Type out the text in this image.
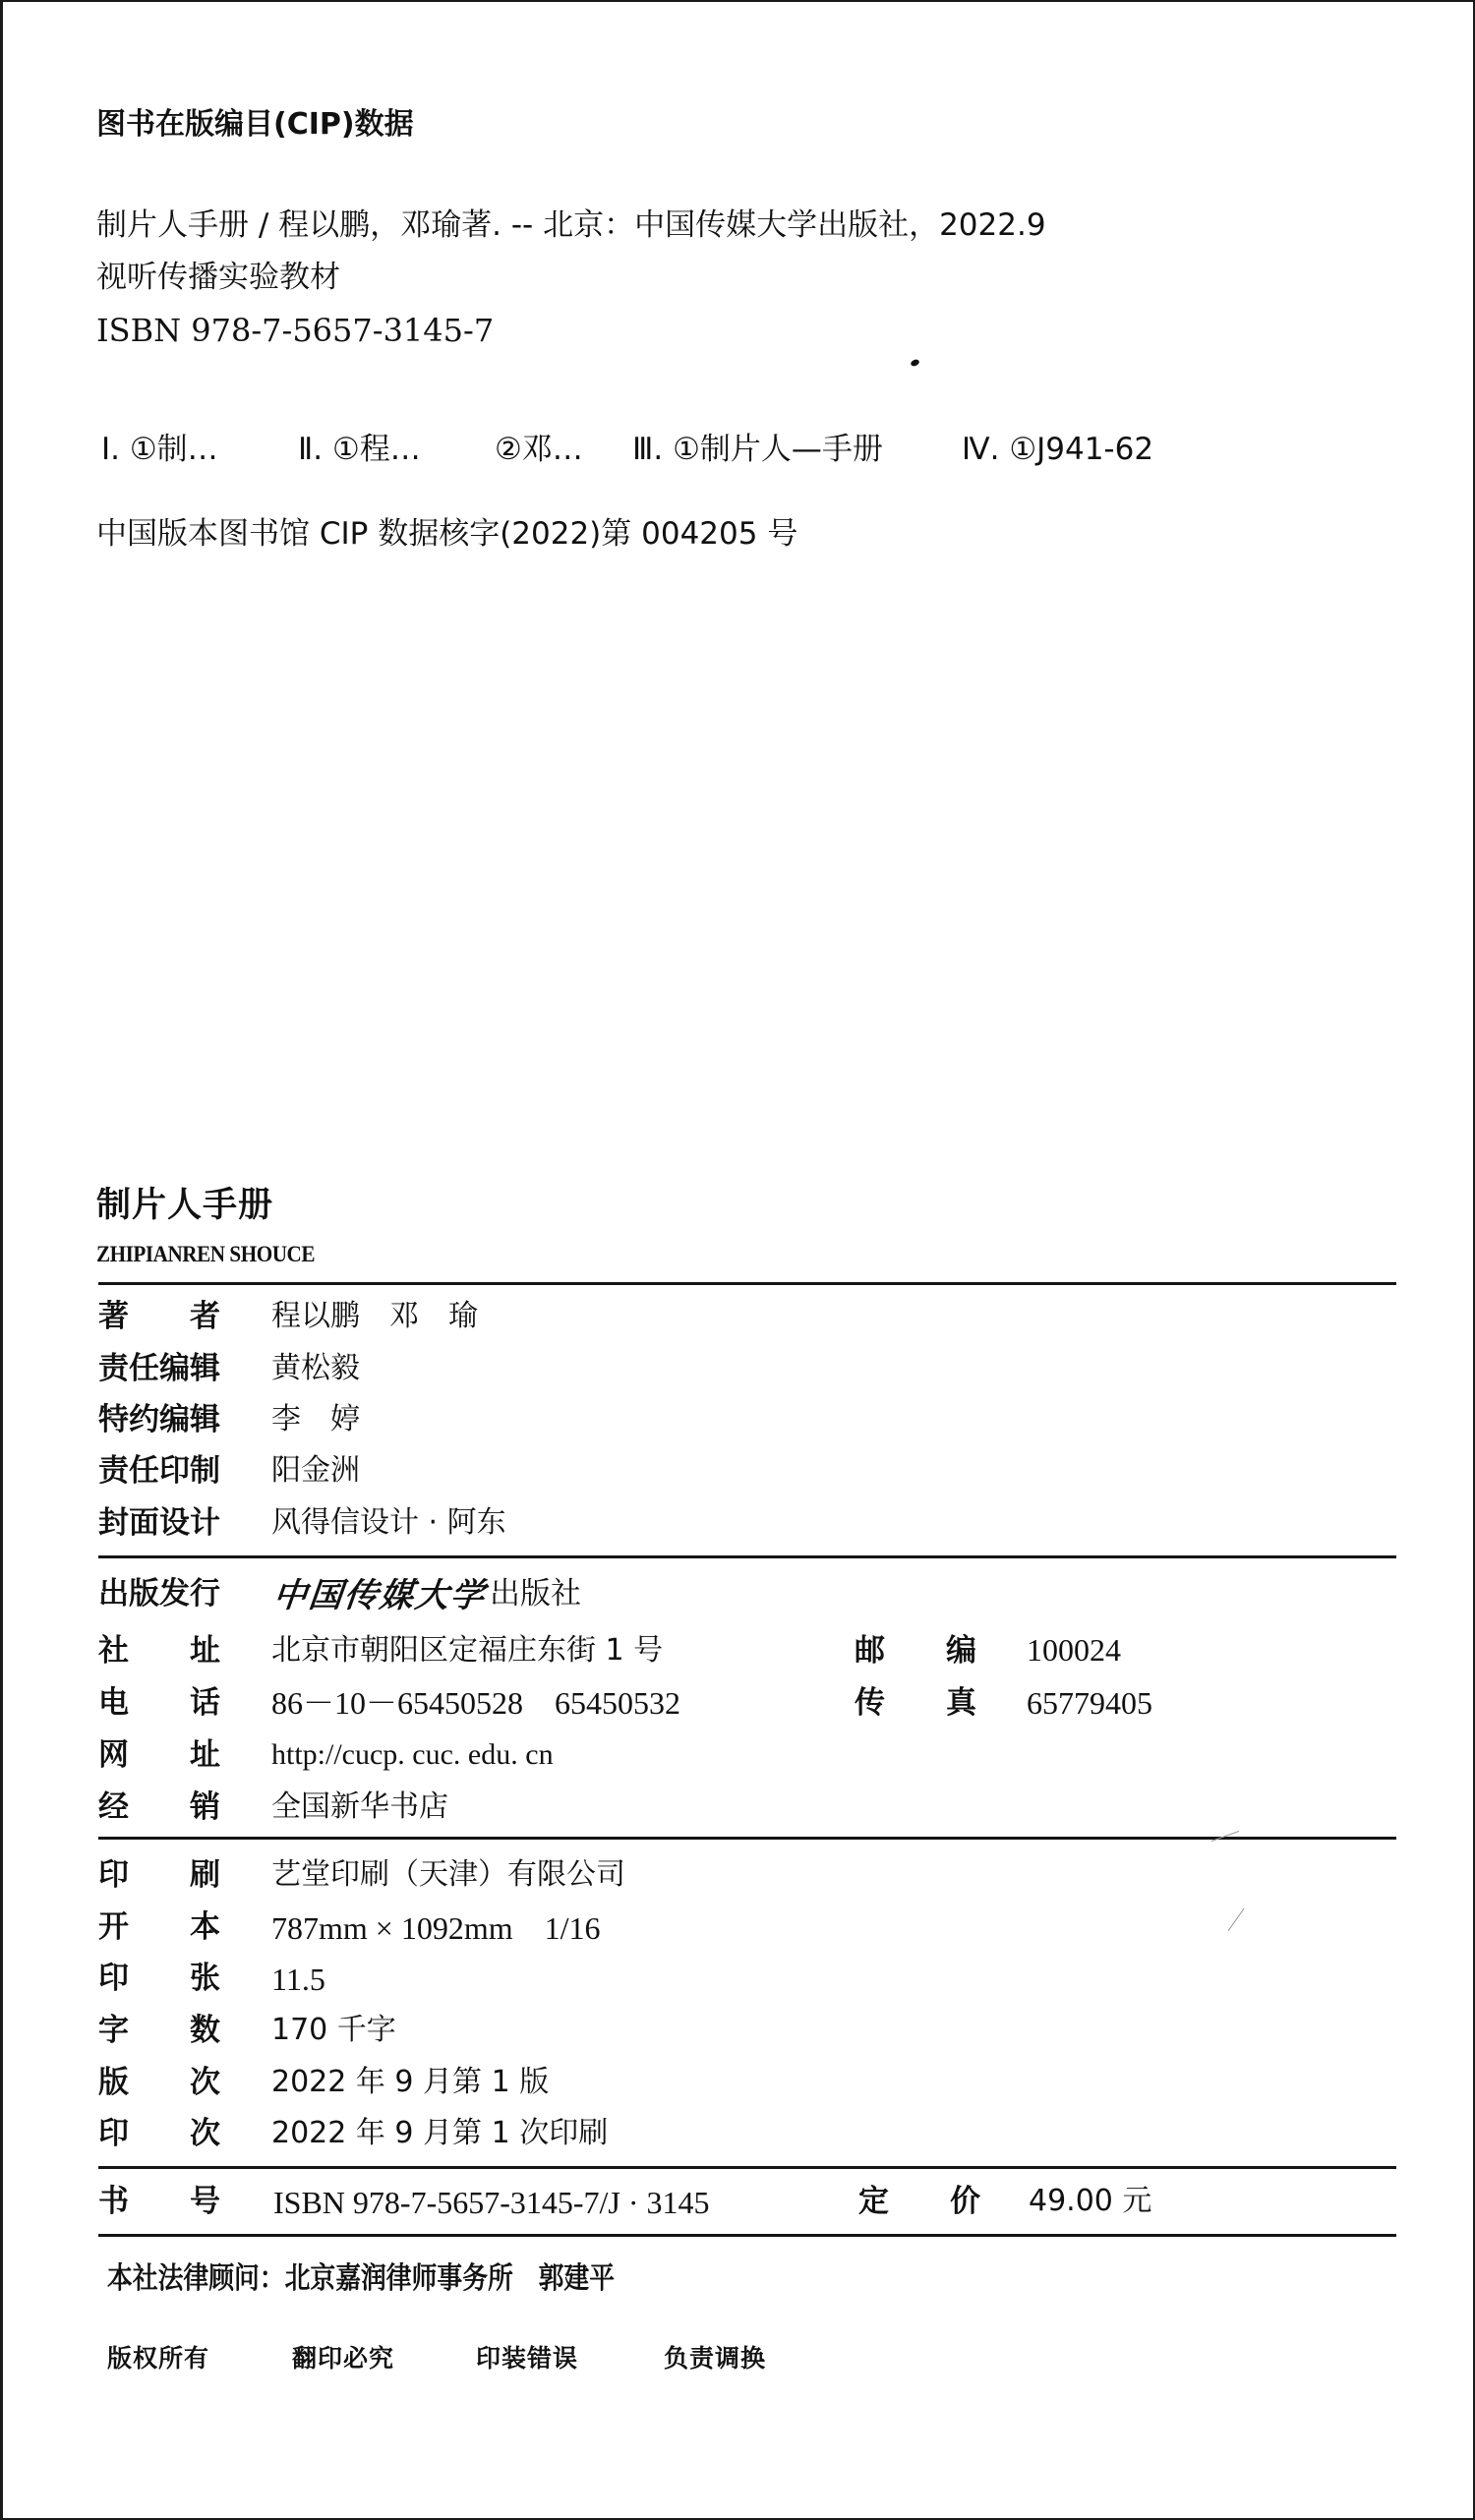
图书在版编目(CIP)数据
制片人手册 / 程以鹏，邓瑜著. -- 北京：中国传媒大学出版社，2022.9
视听传播实验教材
ISBN 978-7-5657-3145-7
Ⅰ. ①制…	Ⅱ. ①程… ②邓… Ⅲ. ①制片人—手册	Ⅳ. ①J941-62
中国版本图书馆 CIP 数据核字(2022)第 004205 号
制片人手册
ZHIPIANREN SHOUCE
著　　者 程以鹏　邓　瑜
责任编辑 黄松毅
特约编辑 李　婷
责任印制 阳金洲
封面设计 风得信设计 · 阿东
出版发行 中国传媒大学 出版社
社　　址 北京市朝阳区定福庄东街 1 号	邮　　编 100024
电　　话 86－10－65450528　65450532	传　　真 65779405
网　　址 http://cucp. cuc. edu. cn
经　　销 全国新华书店
印　　刷 艺堂印刷（天津）有限公司
开　　本 787mm × 1092mm　1/16
印　　张 11.5
字　　数 170 千字
版　　次 2022 年 9 月第 1 版
印　　次 2022 年 9 月第 1 次印刷
书　　号 ISBN 978-7-5657-3145-7/J · 3145	定　　价 49.00 元
本社法律顾问：北京嘉润律师事务所　郭建平
版权所有	翻印必究	印装错误	负责调换
